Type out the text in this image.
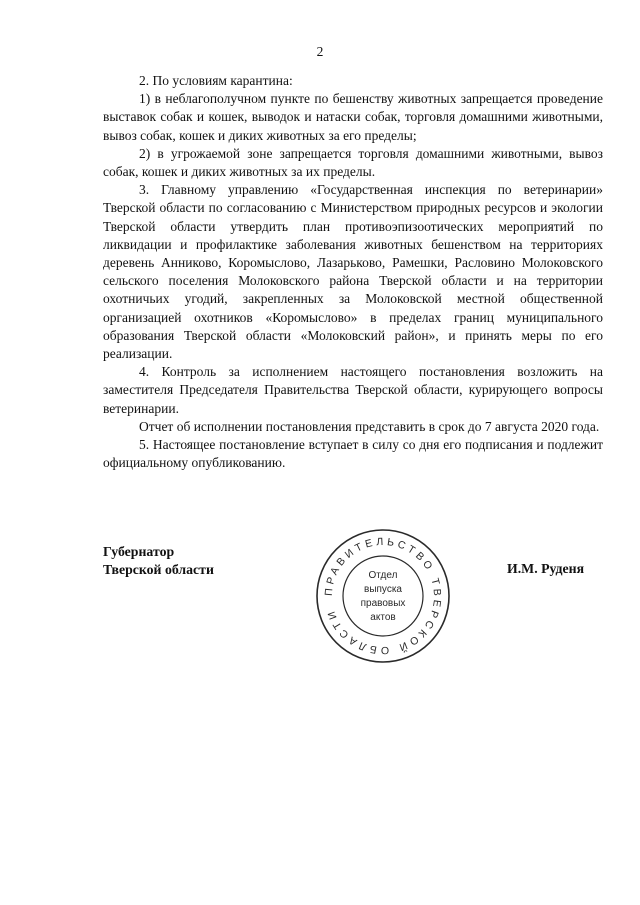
2

2. По условиям карантина:

1) в неблагополучном пункте по бешенству животных запрещается проведение выставок собак и кошек, выводок и натаски собак, торговля домашними животными, вывоз собак, кошек и диких животных за его пределы;

2) в угрожаемой зоне запрещается торговля домашними животными, вывоз собак, кошек и диких животных за их пределы.

3. Главному управлению «Государственная инспекция по ветеринарии» Тверской области по согласованию с Министерством природных ресурсов и экологии Тверской области утвердить план противоэпизоотических мероприятий по ликвидации и профилактике заболевания животных бешенством на территориях деревень Анниково, Коромыслово, Лазарьково, Рамешки, Расловино Молоковского сельского поселения Молоковского района Тверской области и на территории охотничьих угодий, закрепленных за Молоковской местной общественной организацией охотников «Коромыслово» в пределах границ муниципального образования Тверской области «Молоковский район», и принять меры по его реализации.

4. Контроль за исполнением настоящего постановления возложить на заместителя Председателя Правительства Тверской области, курирующего вопросы ветеринарии.

Отчет об исполнении постановления представить в срок до 7 августа 2020 года.

5. Настоящее постановление вступает в силу со дня его подписания и подлежит официальному опубликованию.

Губернатор
Тверской области	И.М. Руденя
ПРАВИТЕЛЬСТВО ТВЕРСКОЙ ОБЛАСТИ
Отдел
выпуска
правовых
актов
